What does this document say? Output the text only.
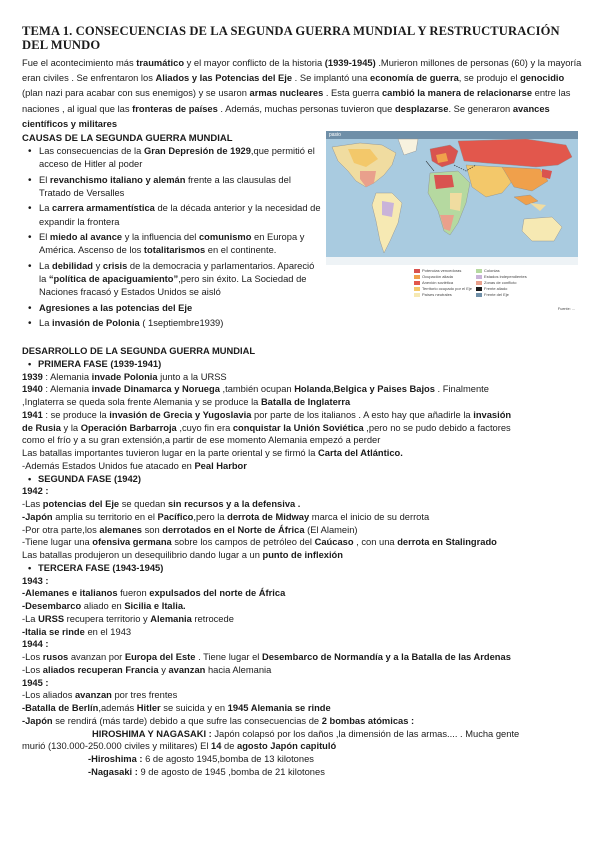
TEMA 1. CONSECUENCIAS DE LA SEGUNDA GUERRA MUNDIAL Y RESTRUCTURACIÓN DEL MUNDO
Fue el acontecimiento más traumático y el mayor conflicto de la historia (1939-1945) .Murieron millones de personas (60) y la mayoría eran civiles . Se enfrentaron los Aliados y las Potencias del Eje . Se implantó una economía de guerra, se produjo el genocidio (plan nazi para acabar con sus enemigos) y se usaron armas nucleares . Esta guerra cambió la manera de relacionarse entre las naciones , al igual que las fronteras de países . Además, muchas personas tuvieron que desplazarse. Se generaron avances científicos y militares
CAUSAS DE LA SEGUNDA GUERRA MUNDIAL
• Las consecuencias de la Gran Depresión de 1929,que permitió el acceso de Hitler al poder
• El revanchismo italiano y alemán frente a las clausulas del Tratado de Versalles
• La carrera armamentística de la década anterior y la necesidad de expandir la frontera
• El miedo al avance y la influencia del comunismo en Europa y América. Ascenso de los totalitarismos en el continente.
• La debilidad y crisis de la democracia y parlamentarios. Apareció la “política de apaciguamiento”,pero sin éxito. La Sociedad de Naciones fracasó y Estados Unidos se aisló
• Agresiones a las potencias del Eje
• La invasión de Polonia ( 1septiembre1939)
pasio
Potencias vencedoras
Ocupación aliada
Anexión soviética
Territorio ocupado por el Eje
Países neutrales
Colonias
Estados independientes
Zonas de conflicto
Frente aliado
Frente del Eje
Fuente: ...
DESARROLLO DE LA SEGUNDA GUERRA MUNDIAL
• PRIMERA FASE (1939-1941)
1939 : Alemania invade Polonia junto a la URSS
1940 : Alemania invade Dinamarca y Noruega ,también ocupan Holanda,Belgica y Paises Bajos . Finalmente
,Inglaterra se queda sola frente Alemania y se produce la Batalla de Inglaterra
1941 : se produce la invasión de Grecia y Yugoslavia por parte de los italianos . A esto hay que añadirle la invasión
de Rusia y la Operación Barbarroja ,cuyo fin era conquistar la Unión Soviética ,pero no se pudo debido a factores
como el frío y a su gran extensión,a partir de ese momento Alemania empezó a perder
Las batallas importantes tuvieron lugar en la parte oriental y se firmó la Carta del Atlántico.
-Además Estados Unidos fue atacado en Peal Harbor
• SEGUNDA FASE (1942)
1942 :
-Las potencias del Eje se quedan sin recursos y a la defensiva .
-Japón amplia su territorio en el Pacífico,pero la derrota de Midway marca el inicio de su derrota
-Por otra parte,los alemanes son derrotados en el Norte de África (El Alamein)
-Tiene lugar una ofensiva germana sobre los campos de petróleo del Caúcaso , con una derrota en Stalingrado
Las batallas produjeron un desequilibrio dando lugar a un punto de inflexión
• TERCERA FASE (1943-1945)
1943 :
-Alemanes e italianos fueron expulsados del norte de África
-Desembarco aliado en Sicilia e Italia.
-La URSS recupera territorio y Alemania retrocede
-Italia se rinde en el 1943
1944 :
-Los rusos avanzan por Europa del Este . Tiene lugar el Desembarco de Normandía y a la Batalla de las Ardenas
-Los aliados recuperan Francia y avanzan hacia Alemania
1945 :
-Los aliados avanzan por tres frentes
-Batalla de Berlín,además Hitler se suicida y en 1945 Alemania se rinde
-Japón se rendirá (más tarde) debido a que sufre las consecuencias de 2 bombas atómicas :
HIROSHIMA Y NAGASAKI : Japón colapsó por los daños ,la dimensión de las armas.... . Mucha gente
murió (130.000-250.000 civiles y militares) El 14 de agosto Japón capituló
-Hiroshima : 6 de agosto 1945,bomba de 13 kilotones
-Nagasaki : 9 de agosto de 1945 ,bomba de 21 kilotones
